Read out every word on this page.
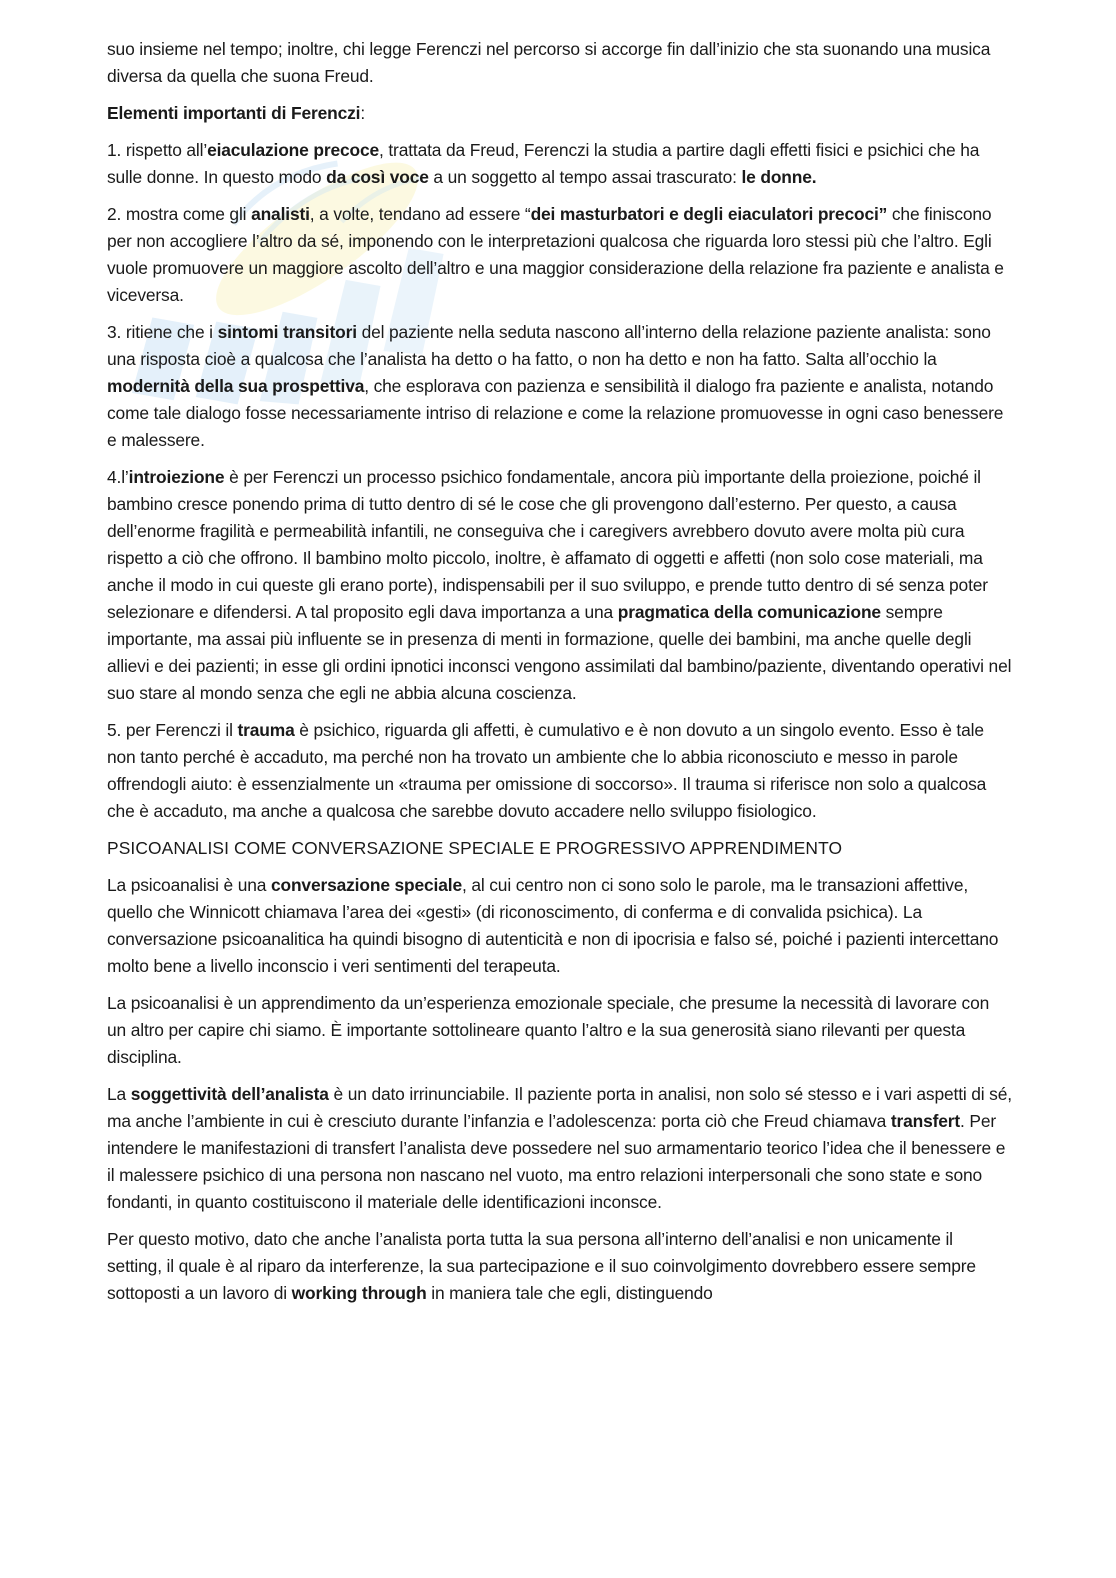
suo insieme nel tempo; inoltre, chi legge Ferenczi nel percorso si accorge fin dall’inizio che sta suonando una musica diversa da quella che suona Freud.

Elementi importanti di Ferenczi:

1. rispetto all’eiaculazione precoce, trattata da Freud, Ferenczi la studia a partire dagli effetti fisici e psichici che ha sulle donne. In questo modo da così voce a un soggetto al tempo assai trascurato: le donne.

2. mostra come gli analisti, a volte, tendano ad essere “dei masturbatori e degli eiaculatori precoci” che finiscono per non accogliere l’altro da sé, imponendo con le interpretazioni qualcosa che riguarda loro stessi più che l’altro. Egli vuole promuovere un maggiore ascolto dell’altro e una maggior considerazione della relazione fra paziente e analista e viceversa.

3. ritiene che i sintomi transitori del paziente nella seduta nascono all’interno della relazione paziente analista: sono una risposta cioè a qualcosa che l’analista ha detto o ha fatto, o non ha detto e non ha fatto. Salta all’occhio la modernità della sua prospettiva, che esplorava con pazienza e sensibilità il dialogo fra paziente e analista, notando come tale dialogo fosse necessariamente intriso di relazione e come la relazione promuovesse in ogni caso benessere e malessere.

4.l’introiezione è per Ferenczi un processo psichico fondamentale, ancora più importante della proiezione, poiché il bambino cresce ponendo prima di tutto dentro di sé le cose che gli provengono dall’esterno. Per questo, a causa dell’enorme fragilità e permeabilità infantili, ne conseguiva che i caregivers avrebbero dovuto avere molta più cura rispetto a ciò che offrono. Il bambino molto piccolo, inoltre, è affamato di oggetti e affetti (non solo cose materiali, ma anche il modo in cui queste gli erano porte), indispensabili per il suo sviluppo, e prende tutto dentro di sé senza poter selezionare e difendersi. A tal proposito egli dava importanza a una pragmatica della comunicazione sempre importante, ma assai più influente se in presenza di menti in formazione, quelle dei bambini, ma anche quelle degli allievi e dei pazienti; in esse gli ordini ipnotici inconsci vengono assimilati dal bambino/paziente, diventando operativi nel suo stare al mondo senza che egli ne abbia alcuna coscienza.

5. per Ferenczi il trauma è psichico, riguarda gli affetti, è cumulativo e è non dovuto a un singolo evento. Esso è tale non tanto perché è accaduto, ma perché non ha trovato un ambiente che lo abbia riconosciuto e messo in parole offrendogli aiuto: è essenzialmente un «trauma per omissione di soccorso». Il trauma si riferisce non solo a qualcosa che è accaduto, ma anche a qualcosa che sarebbe dovuto accadere nello sviluppo fisiologico.

PSICOANALISI COME CONVERSAZIONE SPECIALE E PROGRESSIVO APPRENDIMENTO

La psicoanalisi è una conversazione speciale, al cui centro non ci sono solo le parole, ma le transazioni affettive, quello che Winnicott chiamava l’area dei «gesti» (di riconoscimento, di conferma e di convalida psichica). La conversazione psicoanalitica ha quindi bisogno di autenticità e non di ipocrisia e falso sé, poiché i pazienti intercettano molto bene a livello inconscio i veri sentimenti del terapeuta.

La psicoanalisi è un apprendimento da un’esperienza emozionale speciale, che presume la necessità di lavorare con un altro per capire chi siamo. È importante sottolineare quanto l’altro e la sua generosità siano rilevanti per questa disciplina.

La soggettività dell’analista è un dato irrinunciabile. Il paziente porta in analisi, non solo sé stesso e i vari aspetti di sé, ma anche l’ambiente in cui è cresciuto durante l’infanzia e l’adolescenza: porta ciò che Freud chiamava transfert. Per intendere le manifestazioni di transfert l’analista deve possedere nel suo armamentario teorico l’idea che il benessere e il malessere psichico di una persona non nascano nel vuoto, ma entro relazioni interpersonali che sono state e sono fondanti, in quanto costituiscono il materiale delle identificazioni inconsce.

Per questo motivo, dato che anche l’analista porta tutta la sua persona all’interno dell’analisi e non unicamente il setting, il quale è al riparo da interferenze, la sua partecipazione e il suo coinvolgimento dovrebbero essere sempre sottoposti a un lavoro di working through in maniera tale che egli, distinguendo
